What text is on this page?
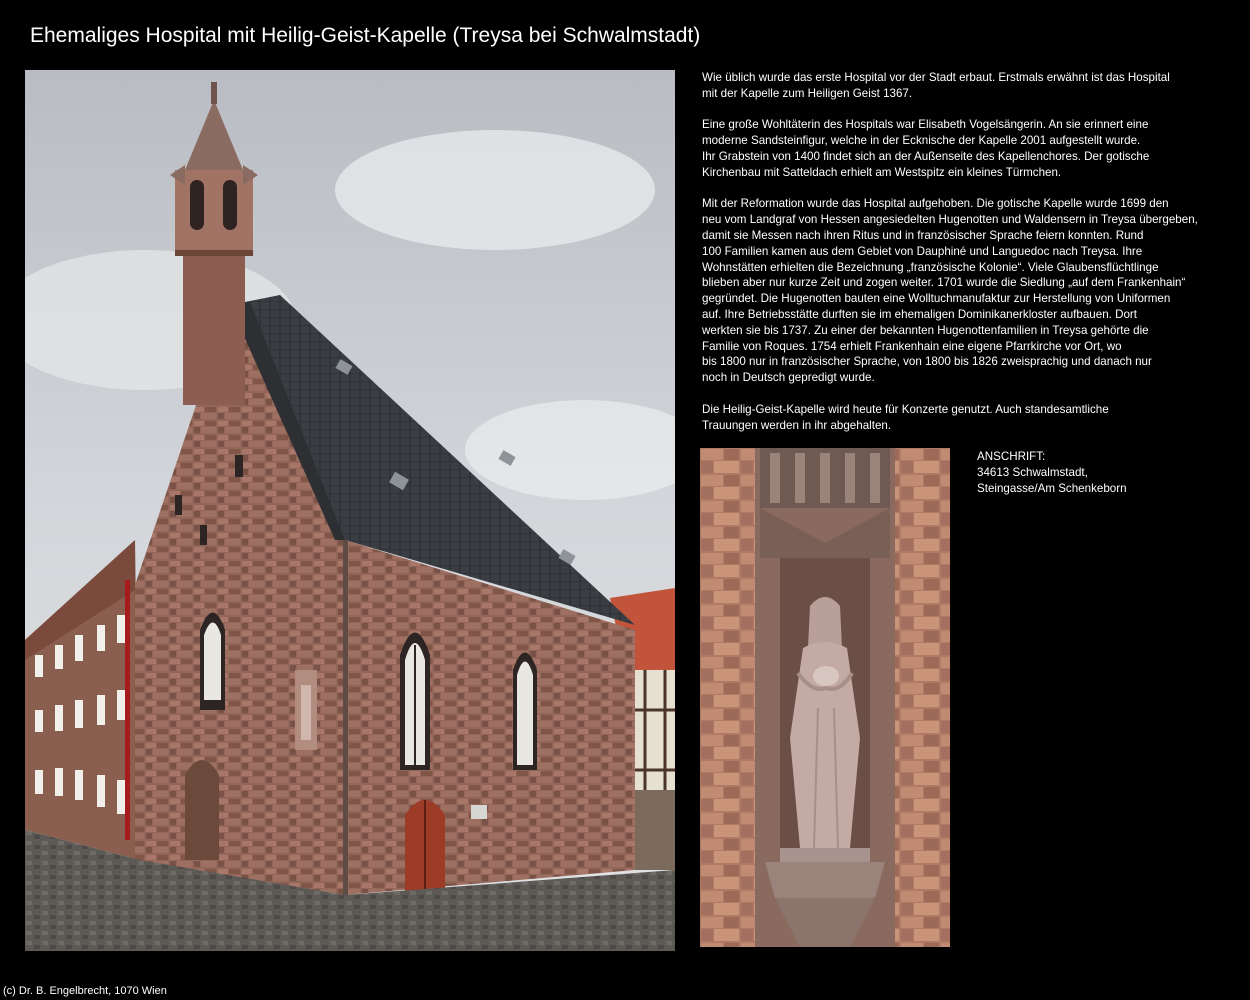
Ehemaliges Hospital mit Heilig-Geist-Kapelle (Treysa bei Schwalmstadt)

Wie üblich wurde das erste Hospital vor der Stadt erbaut. Erstmals erwähnt ist das Hospital
mit der Kapelle zum Heiligen Geist 1367.

Eine große Wohltäterin des Hospitals war Elisabeth Vogelsängerin. An sie erinnert eine
moderne Sandsteinfigur, welche in der Ecknische der Kapelle 2001 aufgestellt wurde.
Ihr Grabstein von 1400 findet sich an der Außenseite des Kapellenchores. Der gotische
Kirchenbau mit Satteldach erhielt am Westspitz ein kleines Türmchen.

Mit der Reformation wurde das Hospital aufgehoben. Die gotische Kapelle wurde 1699 den
neu vom Landgraf von Hessen angesiedelten Hugenotten und Waldensern in Treysa übergeben,
damit sie Messen nach ihren Ritus und in französischer Sprache feiern konnten. Rund
100 Familien kamen aus dem Gebiet von Dauphiné und Languedoc nach Treysa. Ihre
Wohnstätten erhielten die Bezeichnung „französische Kolonie“. Viele Glaubensflüchtlinge
blieben aber nur kurze Zeit und zogen weiter. 1701 wurde die Siedlung „auf dem Frankenhain“
gegründet. Die Hugenotten bauten eine Wolltuchmanufaktur zur Herstellung von Uniformen
auf. Ihre Betriebsstätte durften sie im ehemaligen Dominikanerkloster aufbauen. Dort
werkten sie bis 1737. Zu einer der bekannten Hugenottenfamilien in Treysa gehörte die
Familie von Roques. 1754 erhielt Frankenhain eine eigene Pfarrkirche vor Ort, wo
bis 1800 nur in französischer Sprache, von 1800 bis 1826 zweisprachig und danach nur
noch in Deutsch gepredigt wurde.

Die Heilig-Geist-Kapelle wird heute für Konzerte genutzt. Auch standesamtliche
Trauungen werden in ihr abgehalten.

ANSCHRIFT:
34613 Schwalmstadt,
Steingasse/Am Schenkeborn
(c) Dr. B. Engelbrecht, 1070 Wien
